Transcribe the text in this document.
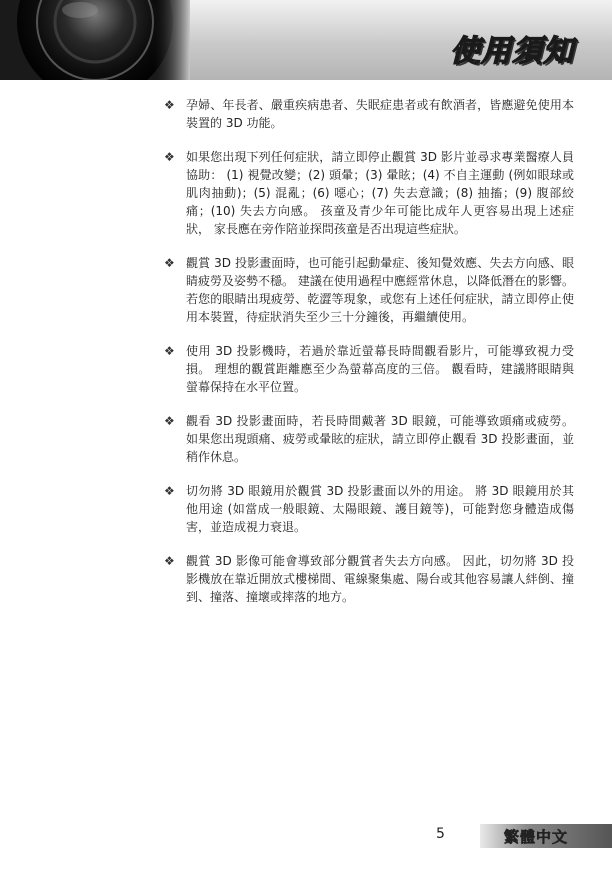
使用須知
❖ 孕婦、年長者、嚴重疾病患者、失眠症患者或有飲酒者，皆應避免使用本裝置的 3D 功能。
❖ 如果您出現下列任何症狀，請立即停止觀賞 3D 影片並尋求專業醫療人員協助： (1) 視覺改變；(2) 頭暈；(3) 暈眩；(4) 不自主運動 (例如眼球或肌肉抽動)；(5) 混亂；(6) 噁心；(7) 失去意識；(8) 抽搐；(9) 腹部絞痛；(10) 失去方向感。 孩童及青少年可能比成年人更容易出現上述症狀， 家長應在旁作陪並探問孩童是否出現這些症狀。
❖ 觀賞 3D 投影畫面時，也可能引起動暈症、後知覺效應、失去方向感、眼睛疲勞及姿勢不穩。 建議在使用過程中應經常休息，以降低潛在的影響。 若您的眼睛出現疲勞、乾澀等現象，或您有上述任何症狀，請立即停止使用本裝置，待症狀消失至少三十分鐘後，再繼續使用。
❖ 使用 3D 投影機時，若過於靠近螢幕長時間觀看影片，可能導致視力受損。 理想的觀賞距離應至少為螢幕高度的三倍。 觀看時，建議將眼睛與螢幕保持在水平位置。
❖ 觀看 3D 投影畫面時，若長時間戴著 3D 眼鏡，可能導致頭痛或疲勞。 如果您出現頭痛、疲勞或暈眩的症狀，請立即停止觀看 3D 投影畫面，並稍作休息。
❖ 切勿將 3D 眼鏡用於觀賞 3D 投影畫面以外的用途。 將 3D 眼鏡用於其他用途 (如當成一般眼鏡、太陽眼鏡、護目鏡等)，可能對您身體造成傷害，並造成視力衰退。
❖ 觀賞 3D 影像可能會導致部分觀賞者失去方向感。 因此，切勿將 3D 投影機放在靠近開放式樓梯間、電線聚集處、陽台或其他容易讓人絆倒、撞到、撞落、撞壞或摔落的地方。
5	繁體中文
